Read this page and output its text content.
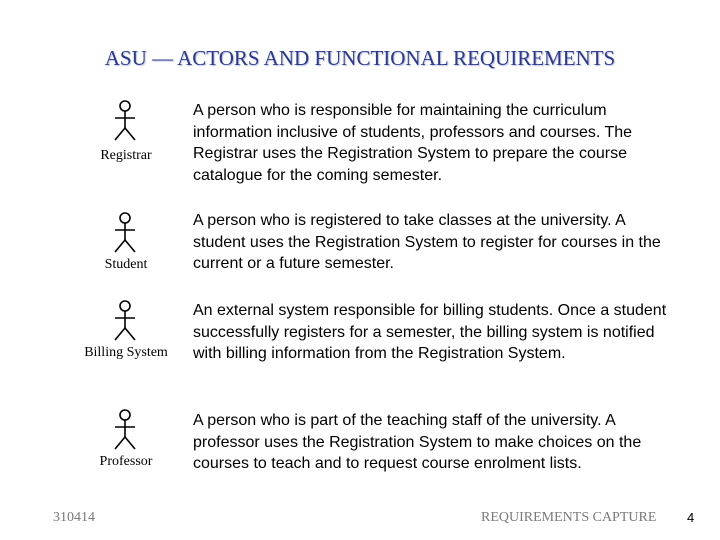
ASU — ACTORS AND FUNCTIONAL REQUIREMENTS
Registrar
A person who is responsible for maintaining the curriculum information inclusive of students, professors and courses. The Registrar uses the Registration System to prepare the course catalogue for the coming semester.
Student
A person who is registered to take classes at the university. A student uses the Registration System to register for courses in the current or a future semester.
Billing System
An external system responsible for billing students. Once a student successfully registers for a semester, the billing system is notified with billing information from the Registration System.
Professor
A person who is part of the teaching staff of the university. A professor uses the Registration System to make choices on the courses to teach and to request course enrolment lists.
310414	REQUIREMENTS CAPTURE 4
